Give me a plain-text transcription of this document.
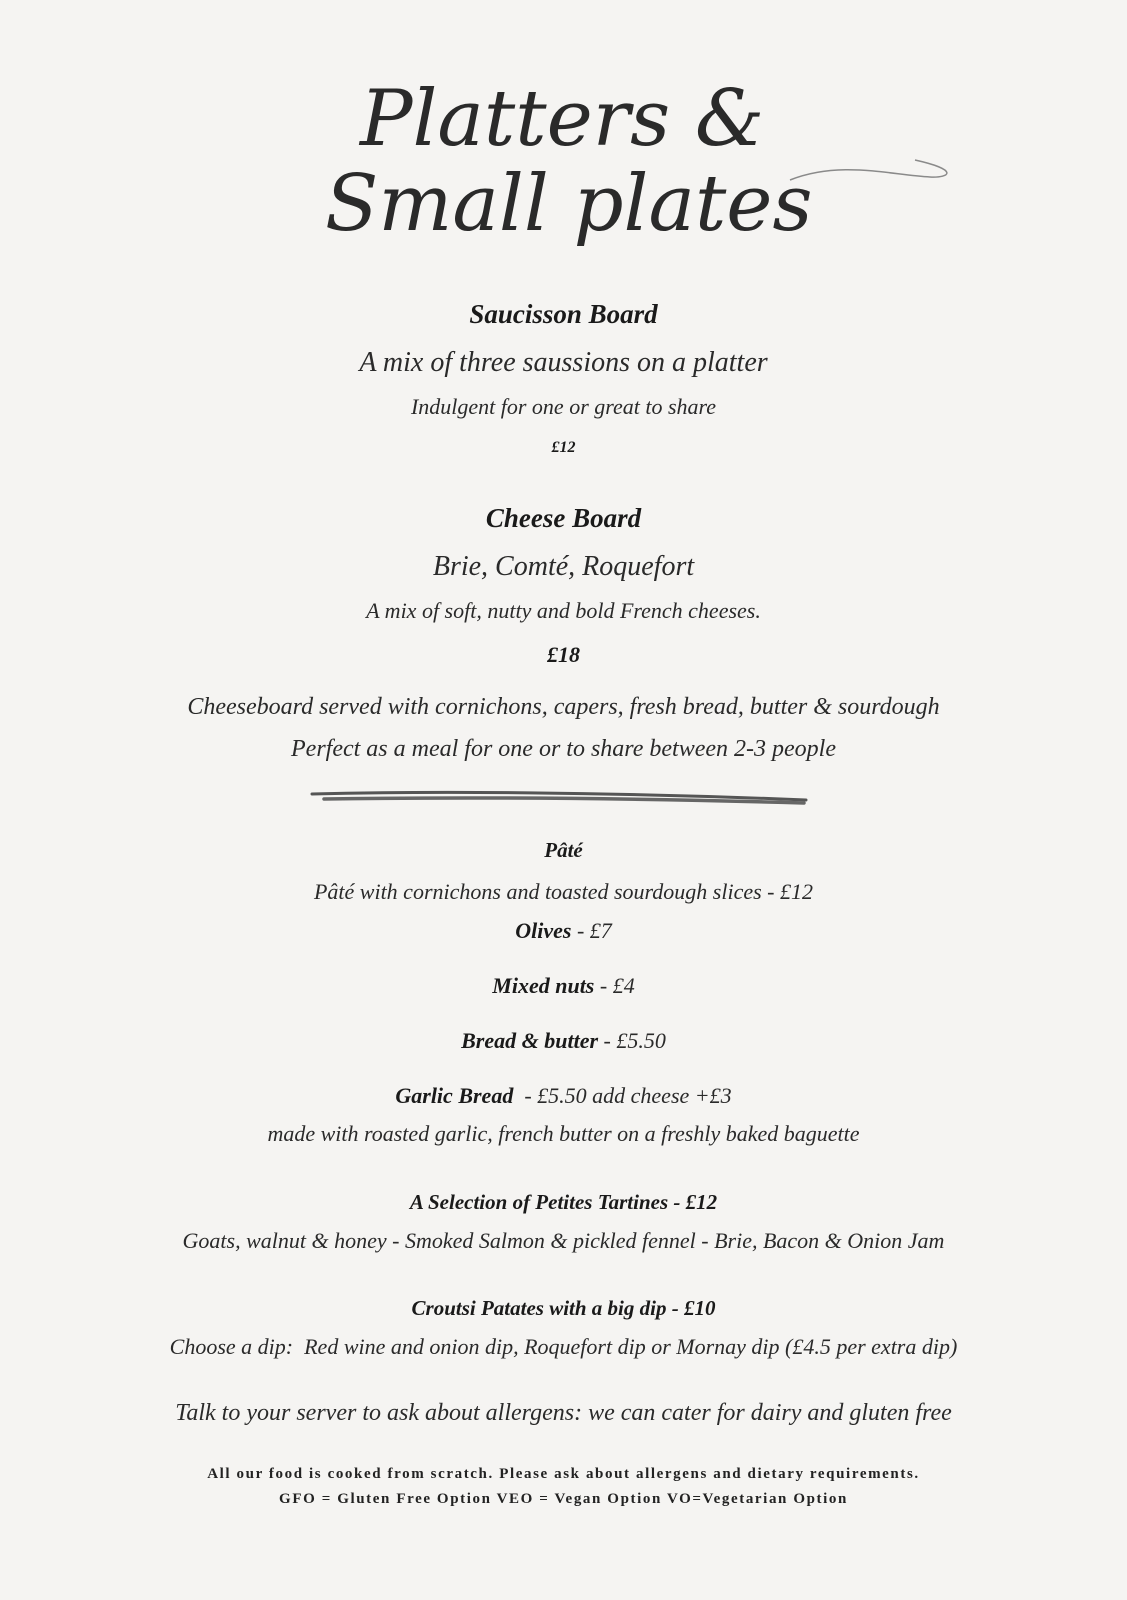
Platters &
Small plates
Saucisson Board
A mix of three saussions on a platter
Indulgent for one or great to share
£12
Cheese Board
Brie, Comté, Roquefort
A mix of soft, nutty and bold French cheeses.
£18
Cheeseboard served with cornichons, capers, fresh bread, butter & sourdough
Perfect as a meal for one or to share between 2-3 people
Pâté
Pâté with cornichons and toasted sourdough slices - £12
Olives - £7
Mixed nuts - £4
Bread & butter - £5.50
Garlic Bread  - £5.50 add cheese +£3
made with roasted garlic, french butter on a freshly baked baguette
A Selection of Petites Tartines - £12
Goats, walnut & honey - Smoked Salmon & pickled fennel - Brie, Bacon & Onion Jam
Croutsi Patates with a big dip - £10
Choose a dip:  Red wine and onion dip, Roquefort dip or Mornay dip (£4.5 per extra dip)
Talk to your server to ask about allergens: we can cater for dairy and gluten free
All our food is cooked from scratch. Please ask about allergens and dietary requirements.
GFO = Gluten Free Option VEO = Vegan Option VO=Vegetarian Option
